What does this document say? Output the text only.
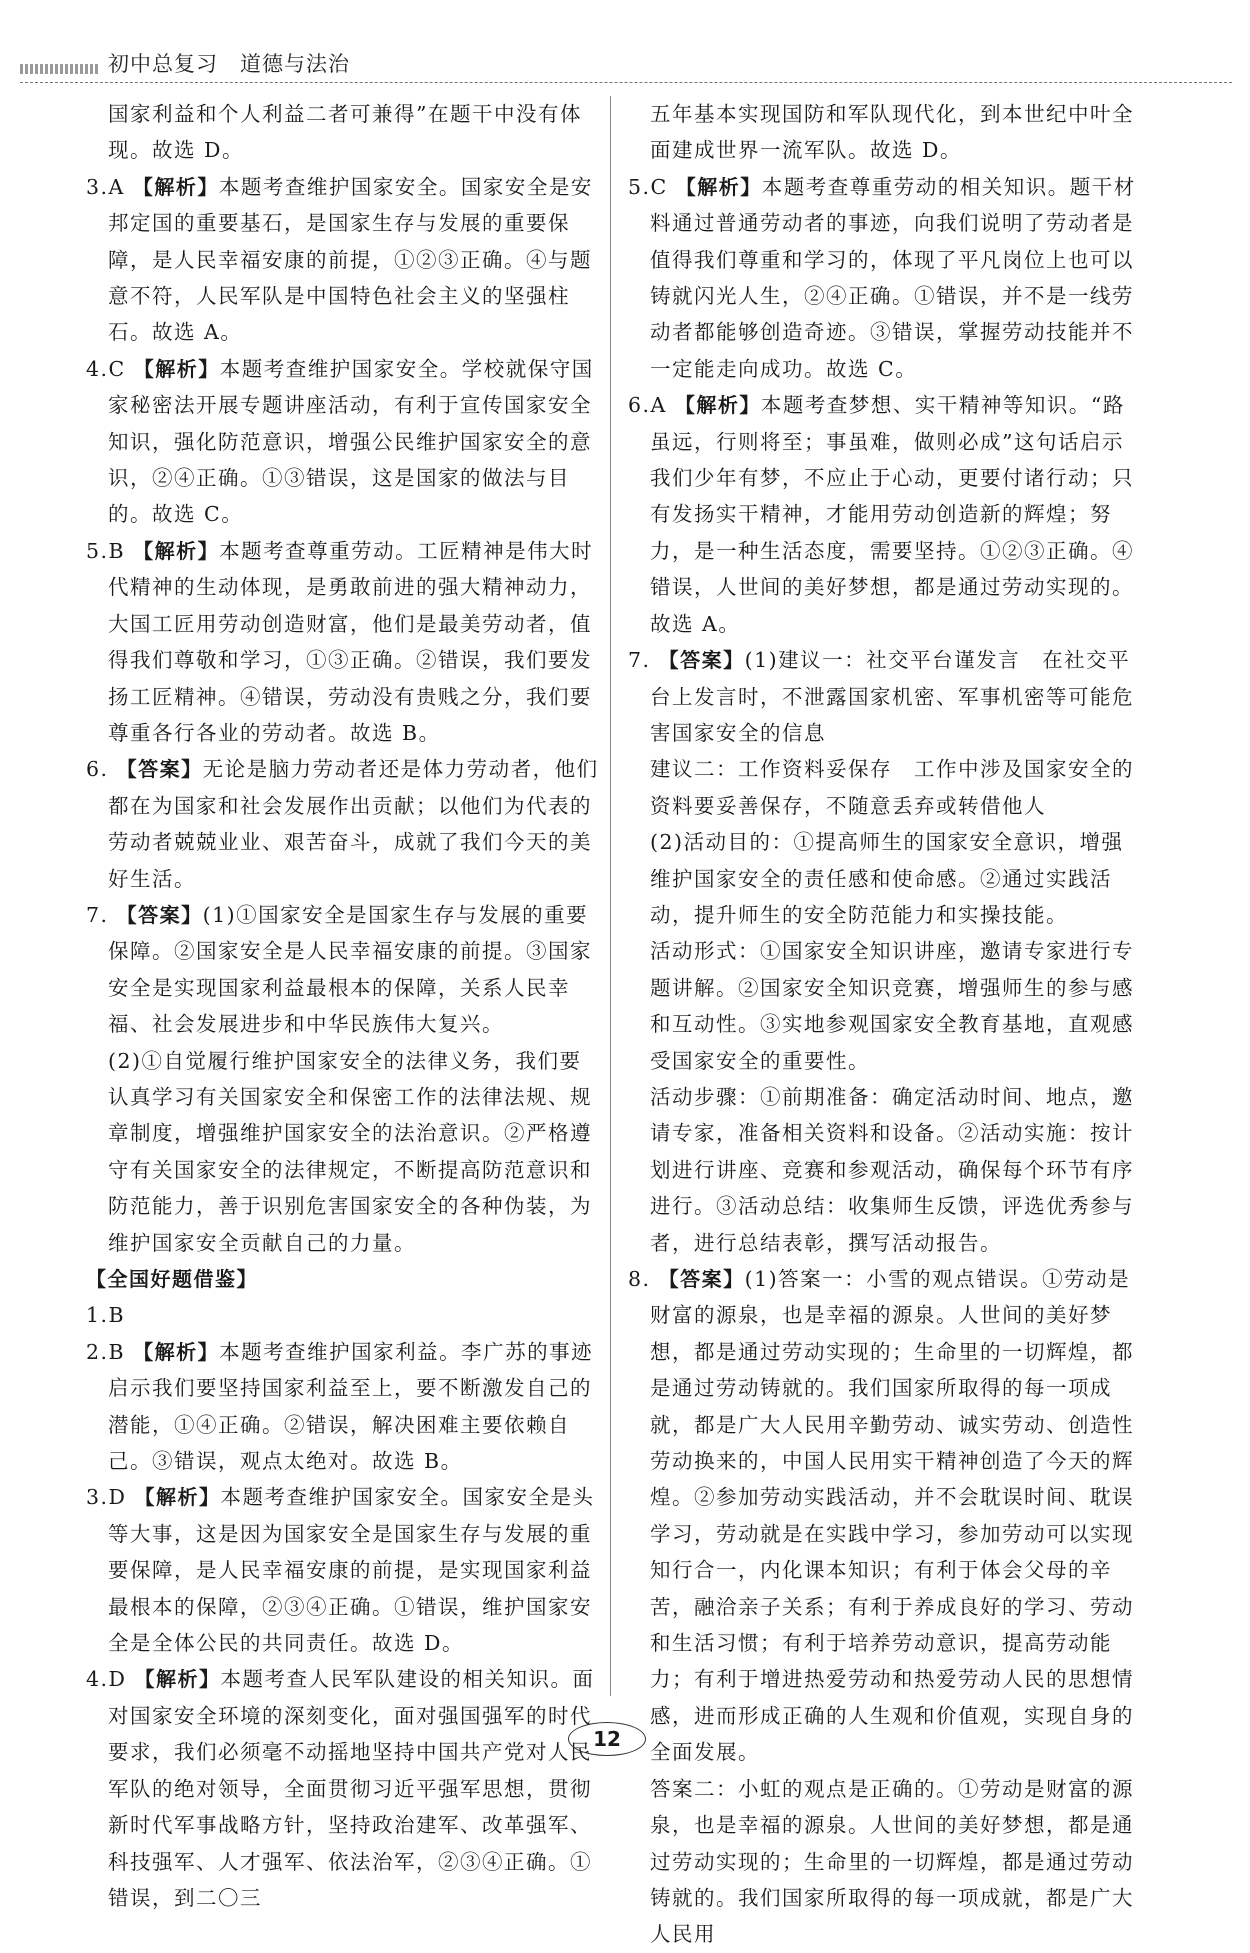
初中总复习　道德与法治

国家利益和个人利益二者可兼得”在题干中没有体现。故选 D。

3.A 【解析】本题考查维护国家安全。国家安全是安邦定国的重要基石，是国家生存与发展的重要保障，是人民幸福安康的前提，①②③正确。④与题意不符，人民军队是中国特色社会主义的坚强柱石。故选 A。

4.C 【解析】本题考查维护国家安全。学校就保守国家秘密法开展专题讲座活动，有利于宣传国家安全知识，强化防范意识，增强公民维护国家安全的意识，②④正确。①③错误，这是国家的做法与目的。故选 C。

5.B 【解析】本题考查尊重劳动。工匠精神是伟大时代精神的生动体现，是勇敢前进的强大精神动力，大国工匠用劳动创造财富，他们是最美劳动者，值得我们尊敬和学习，①③正确。②错误，我们要发扬工匠精神。④错误，劳动没有贵贱之分，我们要尊重各行各业的劳动者。故选 B。

6. 【答案】无论是脑力劳动者还是体力劳动者，他们都在为国家和社会发展作出贡献；以他们为代表的劳动者兢兢业业、艰苦奋斗，成就了我们今天的美好生活。

7. 【答案】(1)①国家安全是国家生存与发展的重要保障。②国家安全是人民幸福安康的前提。③国家安全是实现国家利益最根本的保障，关系人民幸福、社会发展进步和中华民族伟大复兴。

(2)①自觉履行维护国家安全的法律义务，我们要认真学习有关国家安全和保密工作的法律法规、规章制度，增强维护国家安全的法治意识。②严格遵守有关国家安全的法律规定，不断提高防范意识和防范能力，善于识别危害国家安全的各种伪装，为维护国家安全贡献自己的力量。

【全国好题借鉴】

1.B

2.B 【解析】本题考查维护国家利益。李广苏的事迹启示我们要坚持国家利益至上，要不断激发自己的潜能，①④正确。②错误，解决困难主要依赖自己。③错误，观点太绝对。故选 B。

3.D 【解析】本题考查维护国家安全。国家安全是头等大事，这是因为国家安全是国家生存与发展的重要保障，是人民幸福安康的前提，是实现国家利益最根本的保障，②③④正确。①错误，维护国家安全是全体公民的共同责任。故选 D。

4.D 【解析】本题考查人民军队建设的相关知识。面对国家安全环境的深刻变化，面对强国强军的时代要求，我们必须毫不动摇地坚持中国共产党对人民军队的绝对领导，全面贯彻习近平强军思想，贯彻新时代军事战略方针，坚持政治建军、改革强军、科技强军、人才强军、依法治军，②③④正确。①错误，到二〇三

五年基本实现国防和军队现代化，到本世纪中叶全面建成世界一流军队。故选 D。

5.C 【解析】本题考查尊重劳动的相关知识。题干材料通过普通劳动者的事迹，向我们说明了劳动者是值得我们尊重和学习的，体现了平凡岗位上也可以铸就闪光人生，②④正确。①错误，并不是一线劳动者都能够创造奇迹。③错误，掌握劳动技能并不一定能走向成功。故选 C。

6.A 【解析】本题考查梦想、实干精神等知识。“路虽远，行则将至；事虽难，做则必成”这句话启示我们少年有梦，不应止于心动，更要付诸行动；只有发扬实干精神，才能用劳动创造新的辉煌；努力，是一种生活态度，需要坚持。①②③正确。④错误，人世间的美好梦想，都是通过劳动实现的。故选 A。

7. 【答案】(1)建议一：社交平台谨发言　在社交平台上发言时，不泄露国家机密、军事机密等可能危害国家安全的信息

建议二：工作资料妥保存　工作中涉及国家安全的资料要妥善保存，不随意丢弃或转借他人

(2)活动目的：①提高师生的国家安全意识，增强维护国家安全的责任感和使命感。②通过实践活动，提升师生的安全防范能力和实操技能。

活动形式：①国家安全知识讲座，邀请专家进行专题讲解。②国家安全知识竞赛，增强师生的参与感和互动性。③实地参观国家安全教育基地，直观感受国家安全的重要性。

活动步骤：①前期准备：确定活动时间、地点，邀请专家，准备相关资料和设备。②活动实施：按计划进行讲座、竞赛和参观活动，确保每个环节有序进行。③活动总结：收集师生反馈，评选优秀参与者，进行总结表彰，撰写活动报告。

8. 【答案】(1)答案一：小雪的观点错误。①劳动是财富的源泉，也是幸福的源泉。人世间的美好梦想，都是通过劳动实现的；生命里的一切辉煌，都是通过劳动铸就的。我们国家所取得的每一项成就，都是广大人民用辛勤劳动、诚实劳动、创造性劳动换来的，中国人民用实干精神创造了今天的辉煌。②参加劳动实践活动，并不会耽误时间、耽误学习，劳动就是在实践中学习，参加劳动可以实现知行合一，内化课本知识；有利于体会父母的辛苦，融洽亲子关系；有利于养成良好的学习、劳动和生活习惯；有利于培养劳动意识，提高劳动能力；有利于增进热爱劳动和热爱劳动人民的思想情感，进而形成正确的人生观和价值观，实现自身的全面发展。

答案二：小虹的观点是正确的。①劳动是财富的源泉，也是幸福的源泉。人世间的美好梦想，都是通过劳动实现的；生命里的一切辉煌，都是通过劳动铸就的。我们国家所取得的每一项成就，都是广大人民用

12
